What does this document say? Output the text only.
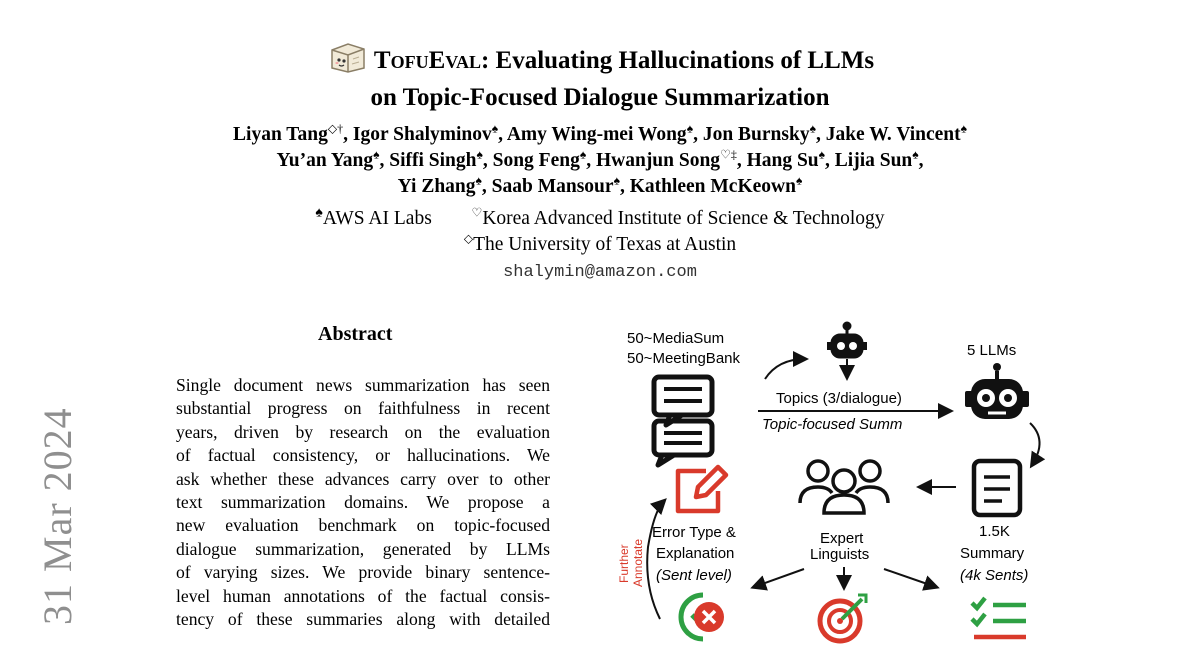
TofuEval: Evaluating Hallucinations of LLMs
on Topic-Focused Dialogue Summarization
Liyan Tang◇†, Igor Shalyminov♠, Amy Wing-mei Wong♠, Jon Burnsky♠, Jake W. Vincent♠
Yu’an Yang♠, Siffi Singh♠, Song Feng♠, Hwanjun Song♡‡, Hang Su♠, Lijia Sun♠,
Yi Zhang♠, Saab Mansour♠, Kathleen McKeown♠
♠AWS AI Labs	♡Korea Advanced Institute of Science & Technology
◇The University of Texas at Austin
shalymin@amazon.com
31 Mar 2024
Abstract
Single document news summarization has seen
substantial progress on faithfulness in recent
years, driven by research on the evaluation
of factual consistency, or hallucinations. We
ask whether these advances carry over to other
text summarization domains. We propose a
new evaluation benchmark on topic-focused
dialogue summarization, generated by LLMs
of varying sizes. We provide binary sentence-
level human annotations of the factual consis-
tency of these summaries along with detailed
50~MediaSum
50~MeetingBank
Topics (3/dialogue)
Topic-focused Summ
5 LLMs
1.5K
Summary
(4k Sents)
Expert
Linguists
Error Type &
Explanation
(Sent level)
Further Annotate
